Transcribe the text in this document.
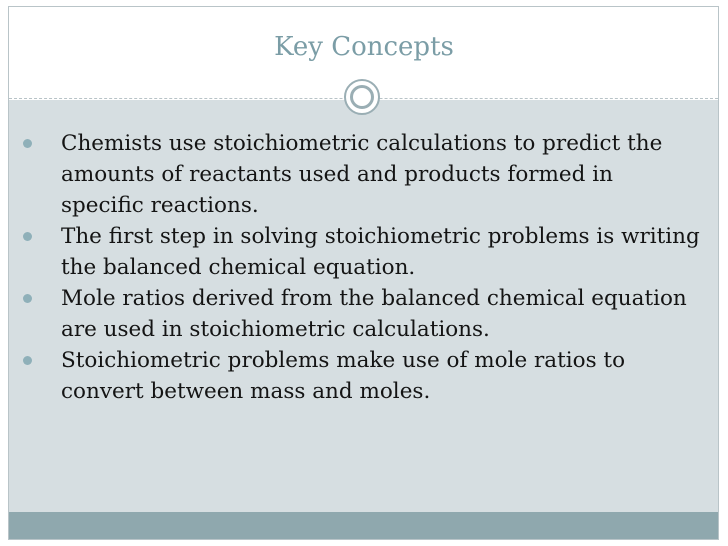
Key Concepts
Chemists use stoichiometric calculations to predict the amounts of reactants used and products formed in specific reactions.
The first step in solving stoichiometric problems is writing the balanced chemical equation.
Mole ratios derived from the balanced chemical equation are used in stoichiometric calculations.
Stoichiometric problems make use of mole ratios to convert between mass and moles.
